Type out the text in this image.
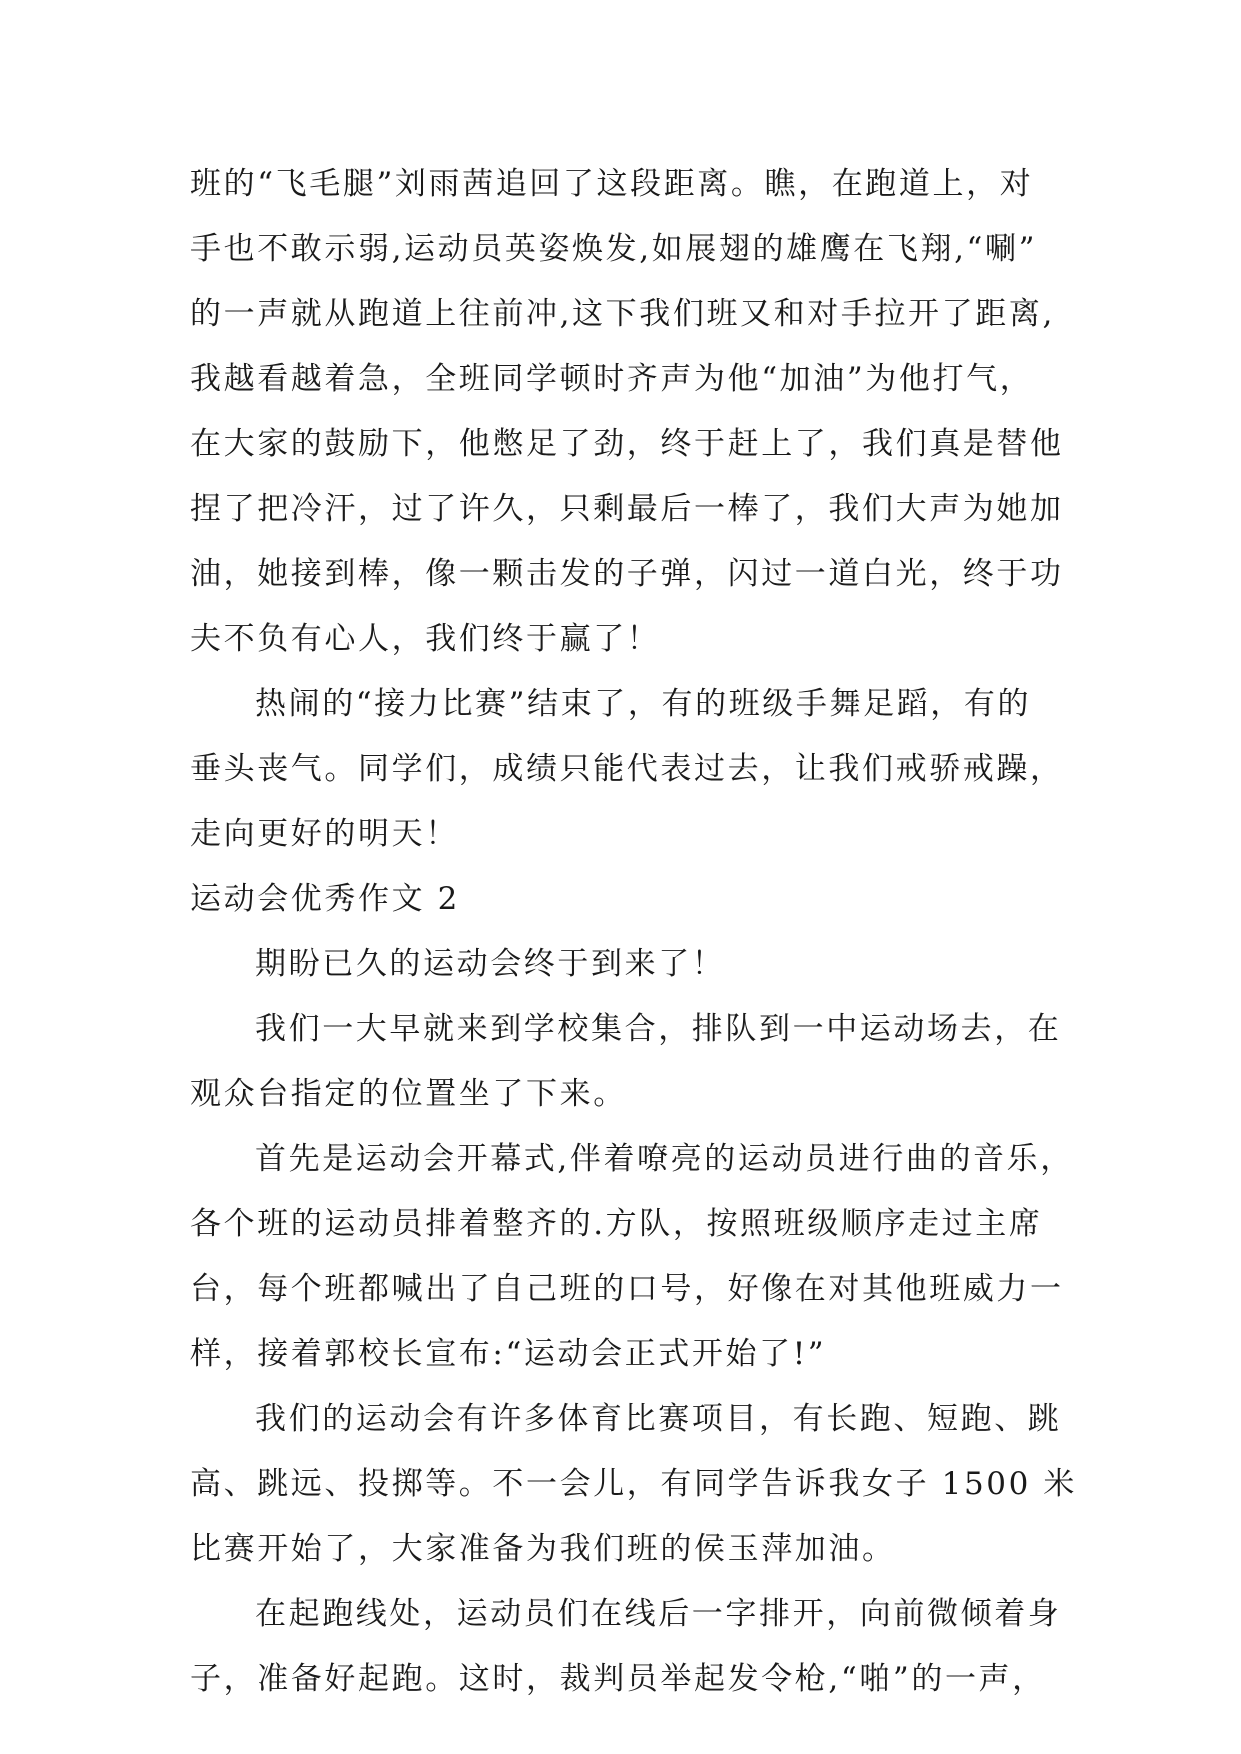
班的“飞毛腿”刘雨茜追回了这段距离。瞧，在跑道上，对
手也不敢示弱,运动员英姿焕发,如展翅的雄鹰在飞翔,“唰”
的一声就从跑道上往前冲,这下我们班又和对手拉开了距离,
我越看越着急，全班同学顿时齐声为他“加油”为他打气，
在大家的鼓励下，他憋足了劲，终于赶上了，我们真是替他
捏了把冷汗，过了许久，只剩最后一棒了，我们大声为她加
油，她接到棒，像一颗击发的子弹，闪过一道白光，终于功
夫不负有心人，我们终于赢了！
热闹的“接力比赛”结束了，有的班级手舞足蹈，有的
垂头丧气。同学们，成绩只能代表过去，让我们戒骄戒躁，
走向更好的明天！
运动会优秀作文 2
期盼已久的运动会终于到来了！
我们一大早就来到学校集合，排队到一中运动场去，在
观众台指定的位置坐了下来。
首先是运动会开幕式,伴着嘹亮的运动员进行曲的音乐，
各个班的运动员排着整齐的.方队，按照班级顺序走过主席
台，每个班都喊出了自己班的口号，好像在对其他班威力一
样，接着郭校长宣布:“运动会正式开始了!”
我们的运动会有许多体育比赛项目，有长跑、短跑、跳
高、跳远、投掷等。不一会儿，有同学告诉我女子 1500 米
比赛开始了，大家准备为我们班的侯玉萍加油。
在起跑线处，运动员们在线后一字排开，向前微倾着身
子，准备好起跑。这时，裁判员举起发令枪,“啪”的一声，
